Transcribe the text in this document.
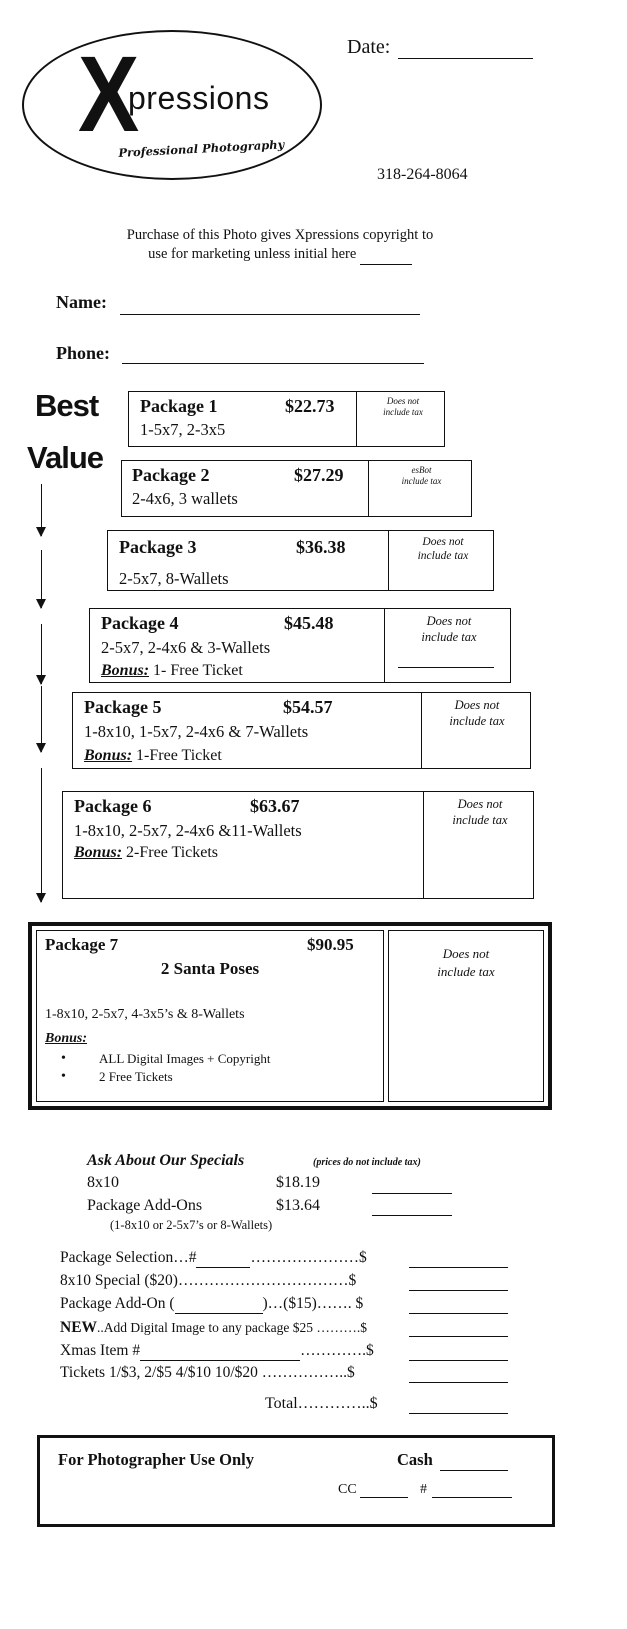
X
pressions
Professional Photography
Date:
318-264-8064
Purchase of this Photo gives Xpressions copyright to
use for marketing unless initial here
Name:
Phone:
Best
Value
Package 1	$22.73
1-5x7, 2-3x5
Does not
include tax
Package 2	$27.29
2-4x6, 3 wallets
esBot
include tax
Package 3	$36.38
2-5x7, 8-Wallets
Does not
include tax
Package 4	$45.48
2-5x7, 2-4x6 & 3-Wallets
Bonus: 1- Free Ticket
Does not
include tax
Package 5	$54.57
1-8x10, 1-5x7, 2-4x6 & 7-Wallets
Bonus: 1-Free Ticket
Does not
include tax
Package 6	$63.67
1-8x10, 2-5x7, 2-4x6 &11-Wallets
Bonus: 2-Free Tickets
Does not
include tax
Package 7	$90.95
2 Santa Poses
1-8x10, 2-5x7, 4-3x5’s & 8-Wallets
Bonus:
• ALL Digital Images + Copyright
• 2 Free Tickets
Does not
include tax
Ask About Our Specials	(prices do not include tax)
8x10	$18.19
Package Add-Ons	$13.64
(1-8x10 or 2-5x7’s or 8-Wallets)
Package Selection…#	…………………$
8x10 Special ($20)……………………………$
Package Add-On (	)…($15)……. $
NEW..Add Digital Image to any package $25 ……….$
Xmas Item #	………….$
Tickets 1/$3, 2/$5 4/$10 10/$20 ……………..$
Total…………..$
For Photographer Use Only	Cash
CC	#
